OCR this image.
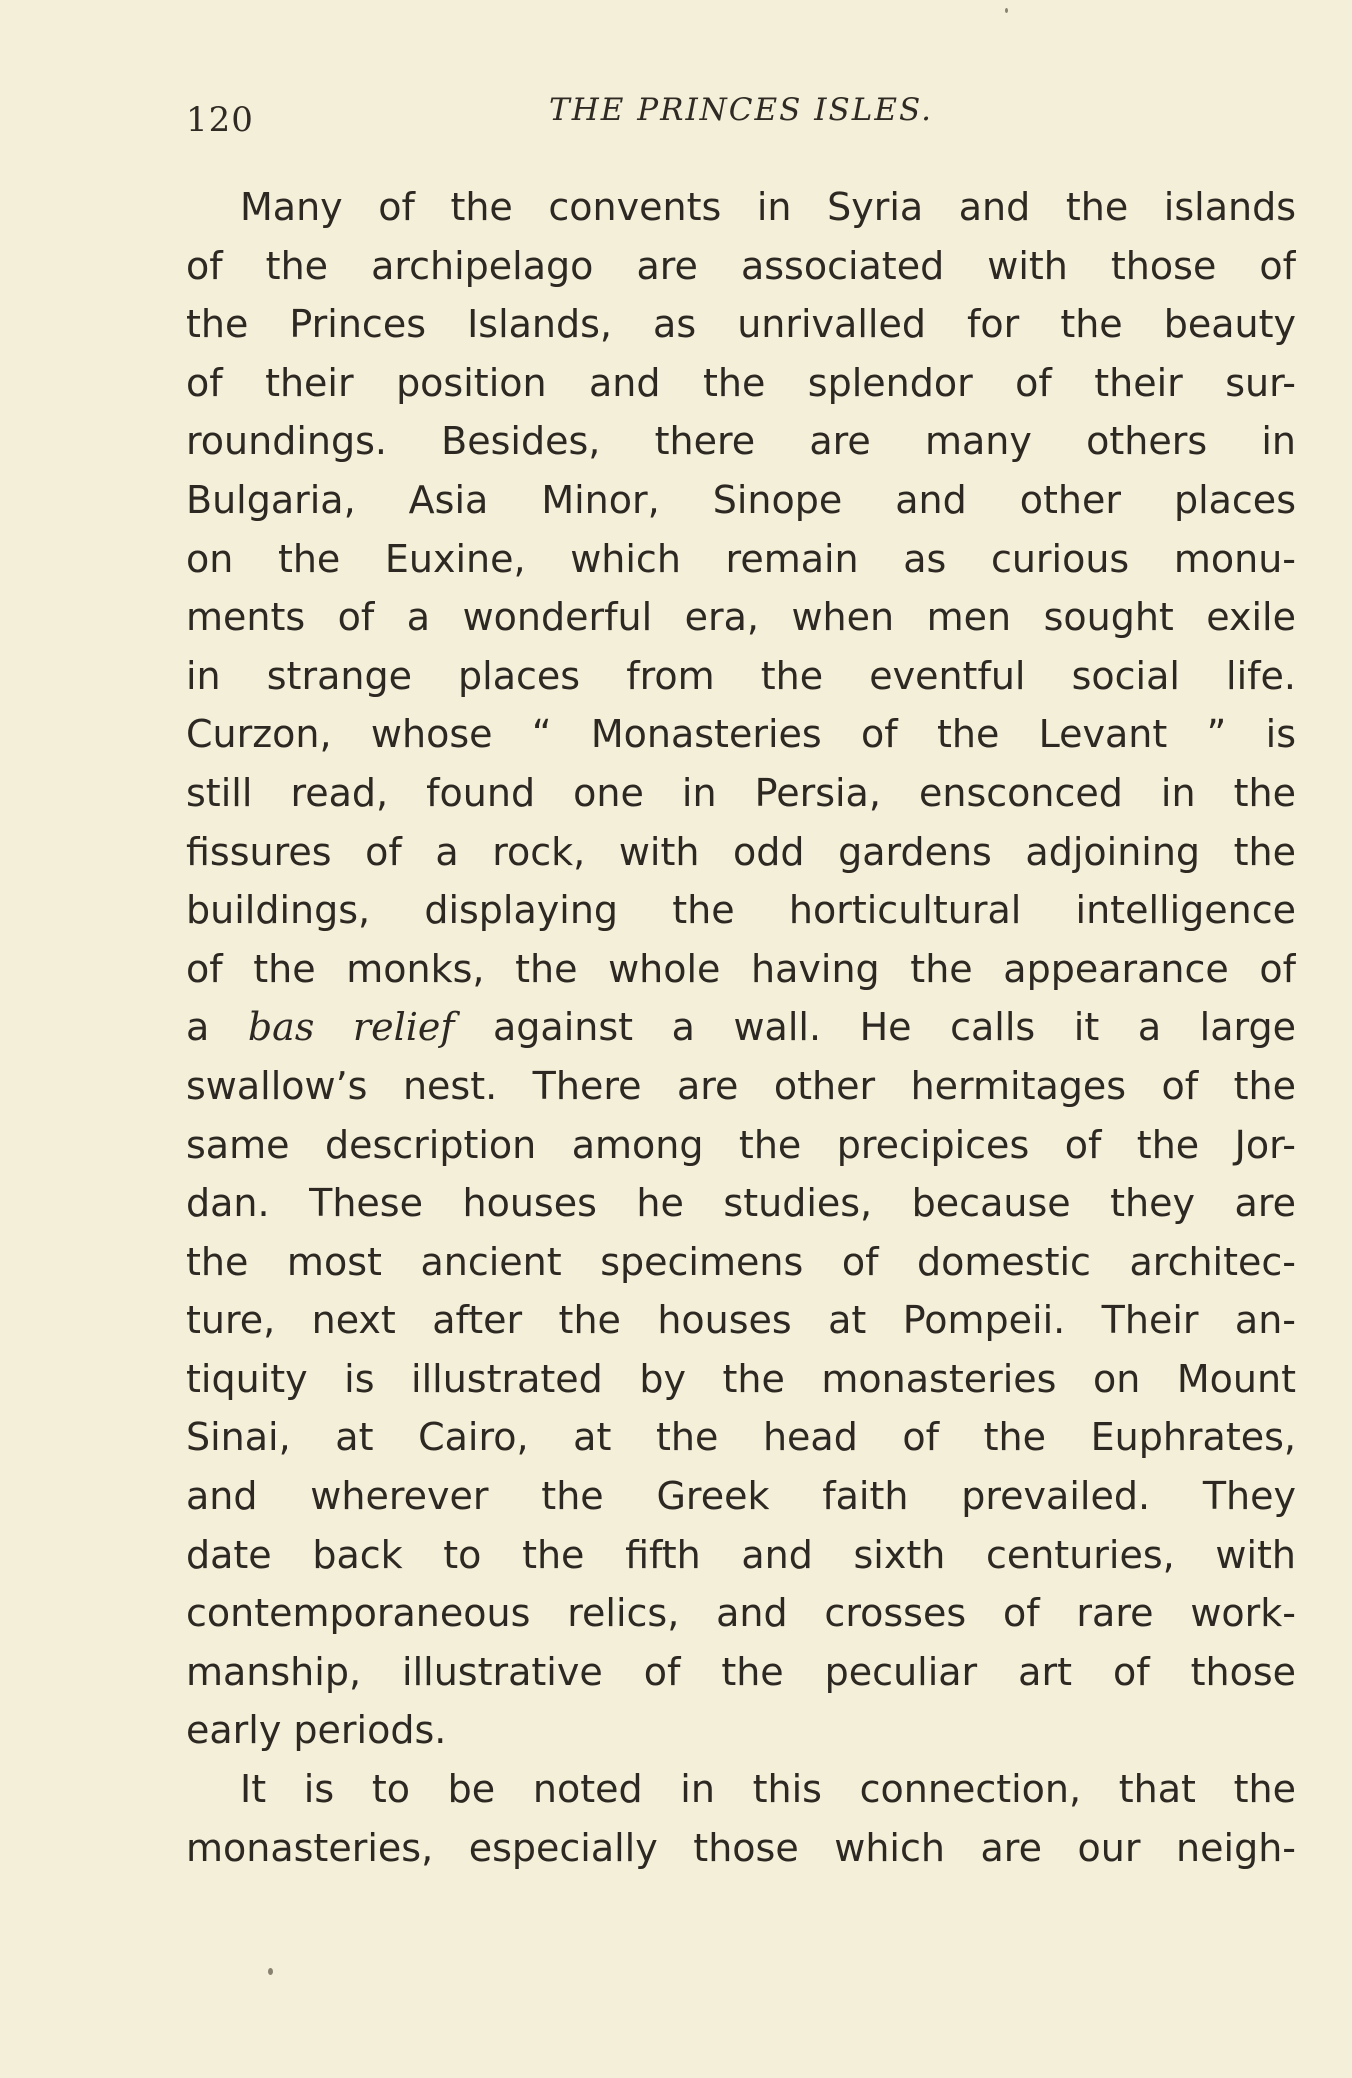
120	THE PRINCES ISLES.
Many of the convents in Syria and the islands
of the archipelago are associated with those of
the Princes Islands, as unrivalled for the beauty
of their position and the splendor of their sur-
roundings. Besides, there are many others in
Bulgaria, Asia Minor, Sinope and other places
on the Euxine, which remain as curious monu-
ments of a wonderful era, when men sought exile
in strange places from the eventful social life.
Curzon, whose “ Monasteries of the Levant ” is
still read, found one in Persia, ensconced in the
fissures of a rock, with odd gardens adjoining the
buildings, displaying the horticultural intelligence
of the monks, the whole having the appearance of
a bas relief against a wall. He calls it a large
swallow’s nest. There are other hermitages of the
same description among the precipices of the Jor-
dan. These houses he studies, because they are
the most ancient specimens of domestic architec-
ture, next after the houses at Pompeii. Their an-
tiquity is illustrated by the monasteries on Mount
Sinai, at Cairo, at the head of the Euphrates,
and wherever the Greek faith prevailed. They
date back to the fifth and sixth centuries, with
contemporaneous relics, and crosses of rare work-
manship, illustrative of the peculiar art of those
early periods.
It is to be noted in this connection, that the
monasteries, especially those which are our neigh-
